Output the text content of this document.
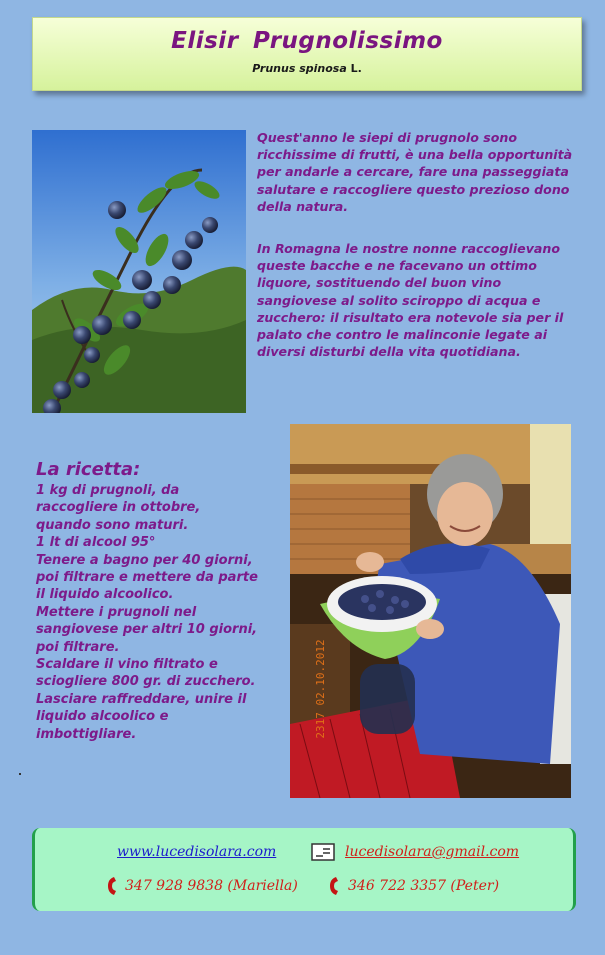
Elisir Prugnolissimo
Prunus spinosa L.

Quest'anno le siepi di prugnolo sono ricchissime di frutti, è una bella opportunità per andarle a cercare, fare una passeggiata salutare e raccogliere questo prezioso dono della natura.

In Romagna le nostre nonne raccoglievano queste bacche e ne facevano un ottimo liquore, sostituendo del buon vino sangiovese al solito sciroppo di acqua e zucchero: il risultato era notevole sia per il palato che contro le malinconie legate ai diversi disturbi della vita quotidiana.

La ricetta:
1 kg di prugnoli, da
raccogliere in ottobre,
quando sono maturi.
1 lt di alcool 95°
Tenere a bagno per 40 giorni,
poi filtrare e mettere da parte
il liquido alcoolico.
Mettere i prugnoli nel
sangiovese per altri 10 giorni,
poi filtrare.
Scaldare il vino filtrato e
sciogliere 800 gr. di zucchero.
Lasciare raffreddare, unire il
liquido alcoolico e
imbottigliare.	2317 02.10.2012
www.lucedisolara.com	lucedisolara@gmail.com
347 928 9838 (Mariella)	346 722 3357 (Peter)
